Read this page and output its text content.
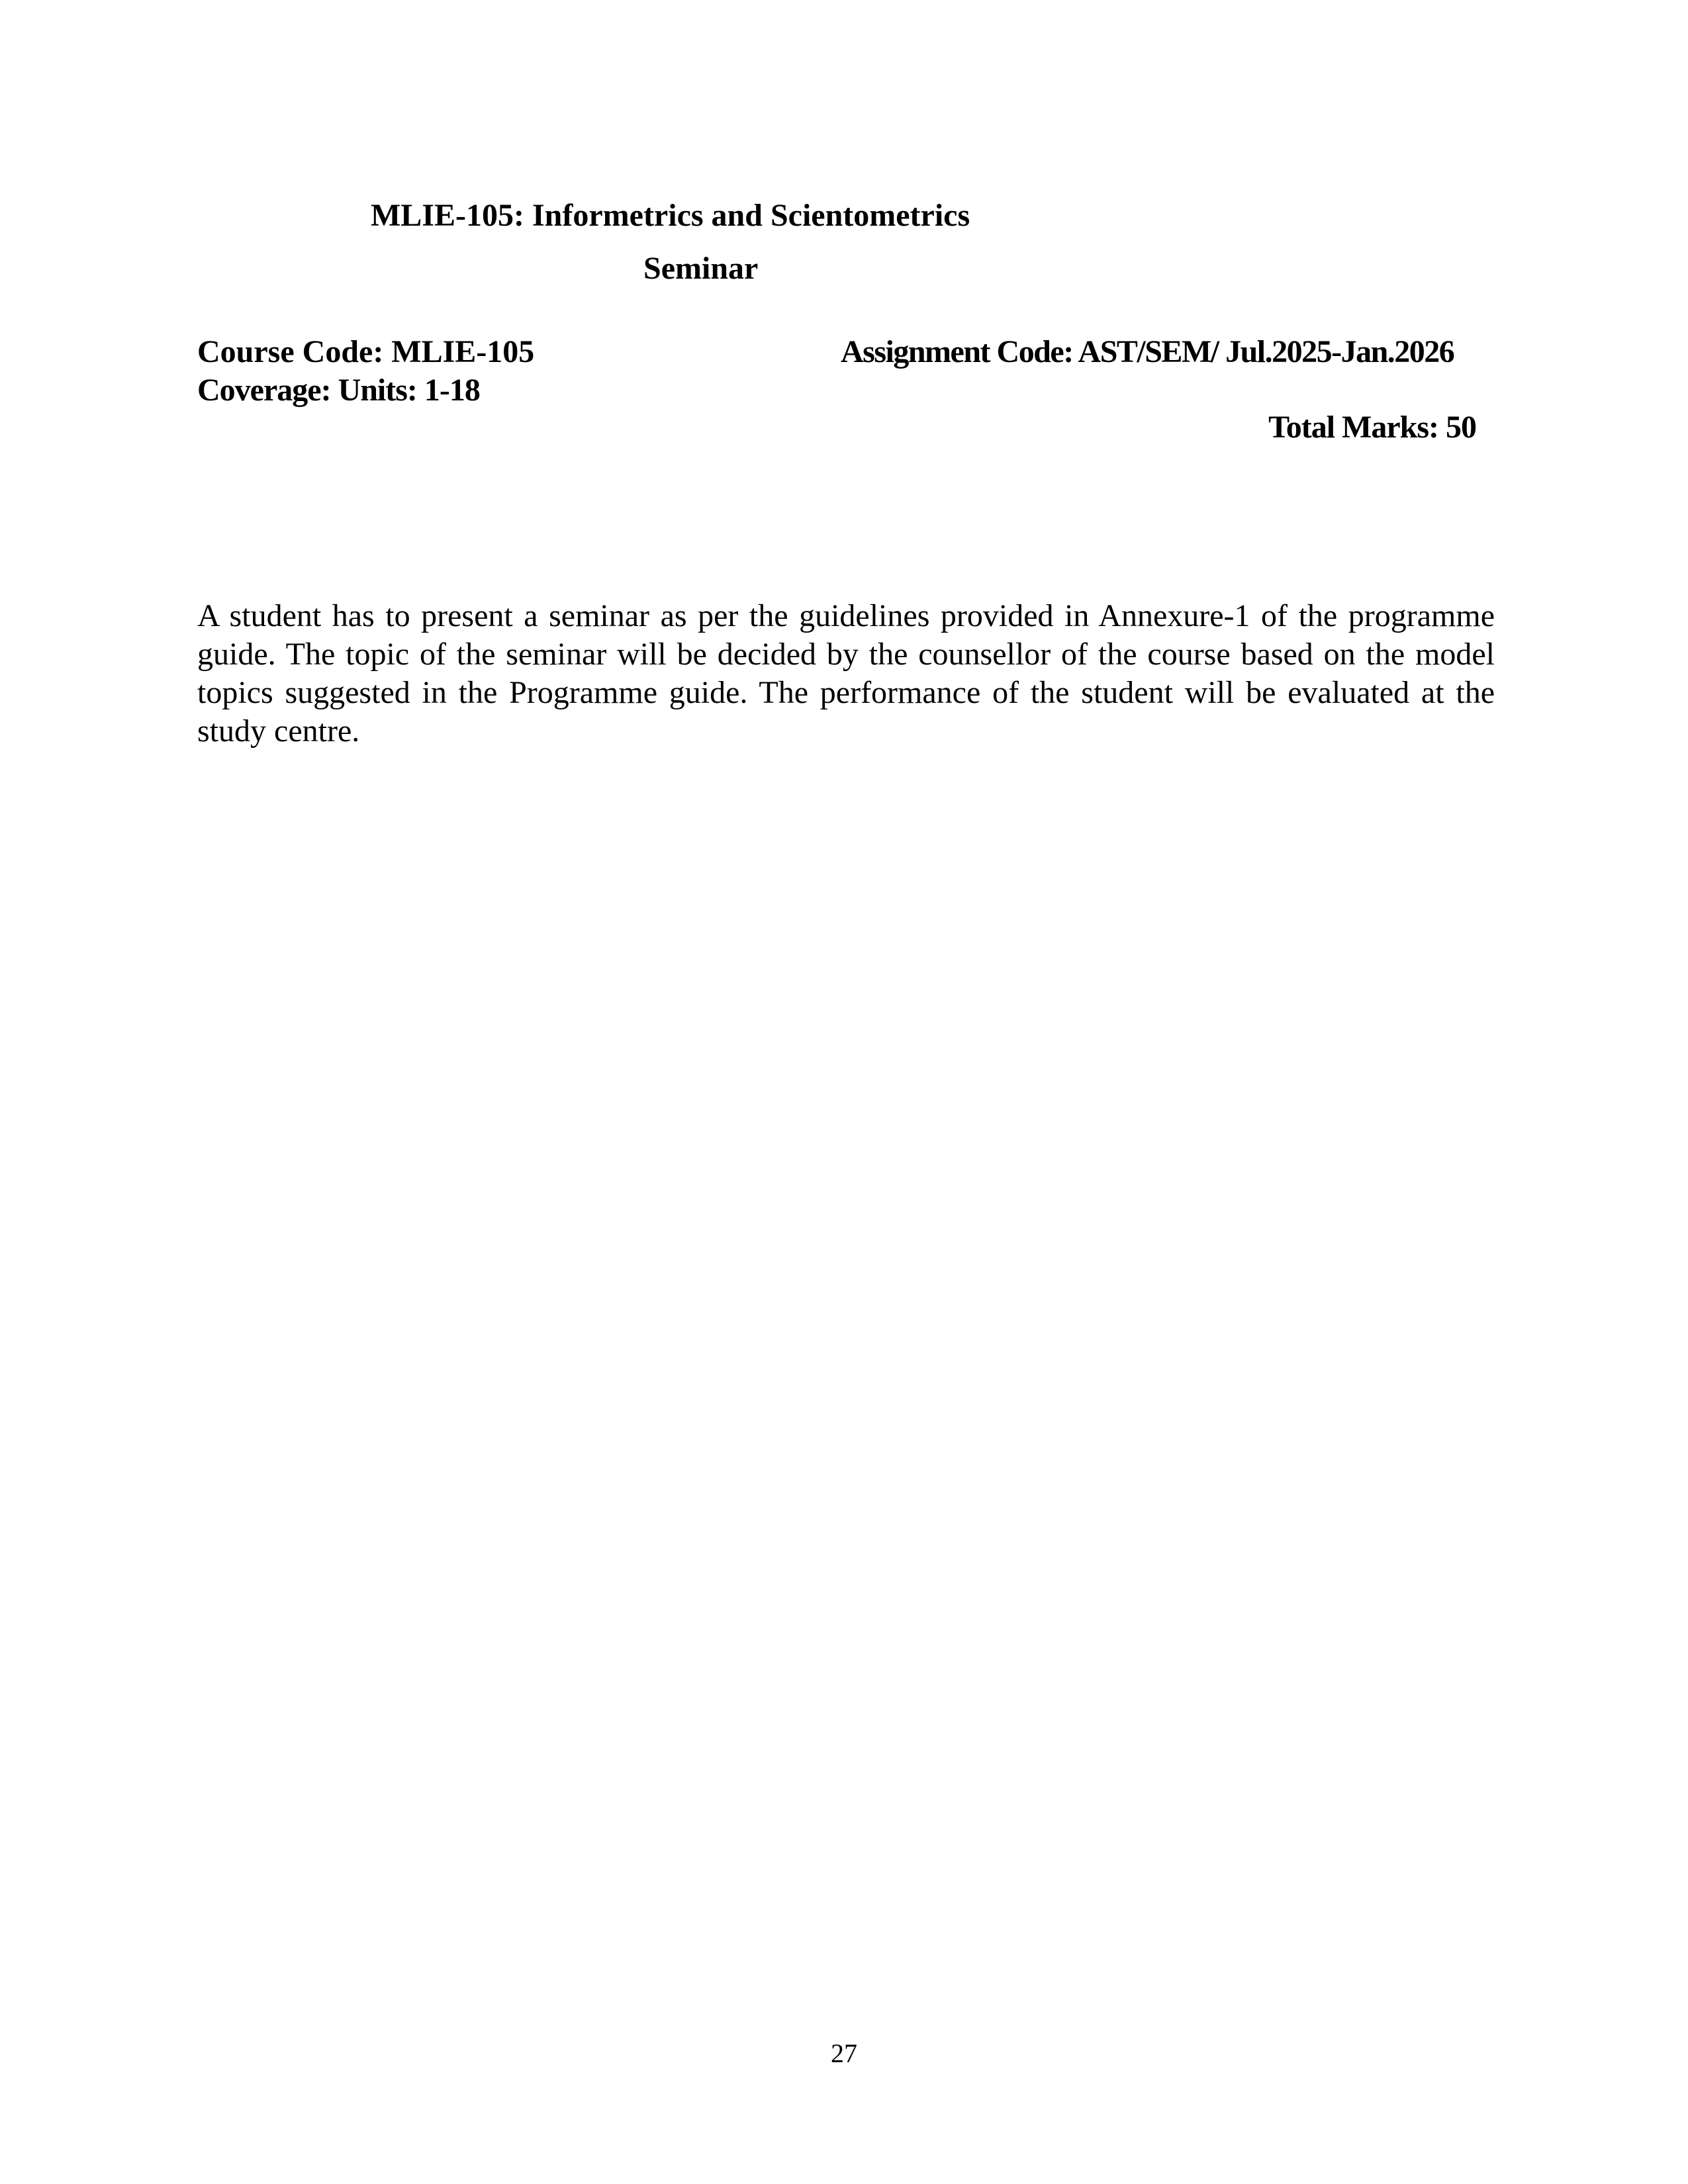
MLIE-105: Informetrics and Scientometrics
Seminar
Course Code: MLIE-105
Coverage: Units: 1-18
Assignment Code: AST/SEM/ Jul.2025-Jan.2026
Total Marks: 50

A student has to present a seminar as per the guidelines provided in Annexure-1 of the programme guide. The topic of the seminar will be decided by the counsellor of the course based on the model topics suggested in the Programme guide. The performance of the student will be evaluated at the study centre.

27
